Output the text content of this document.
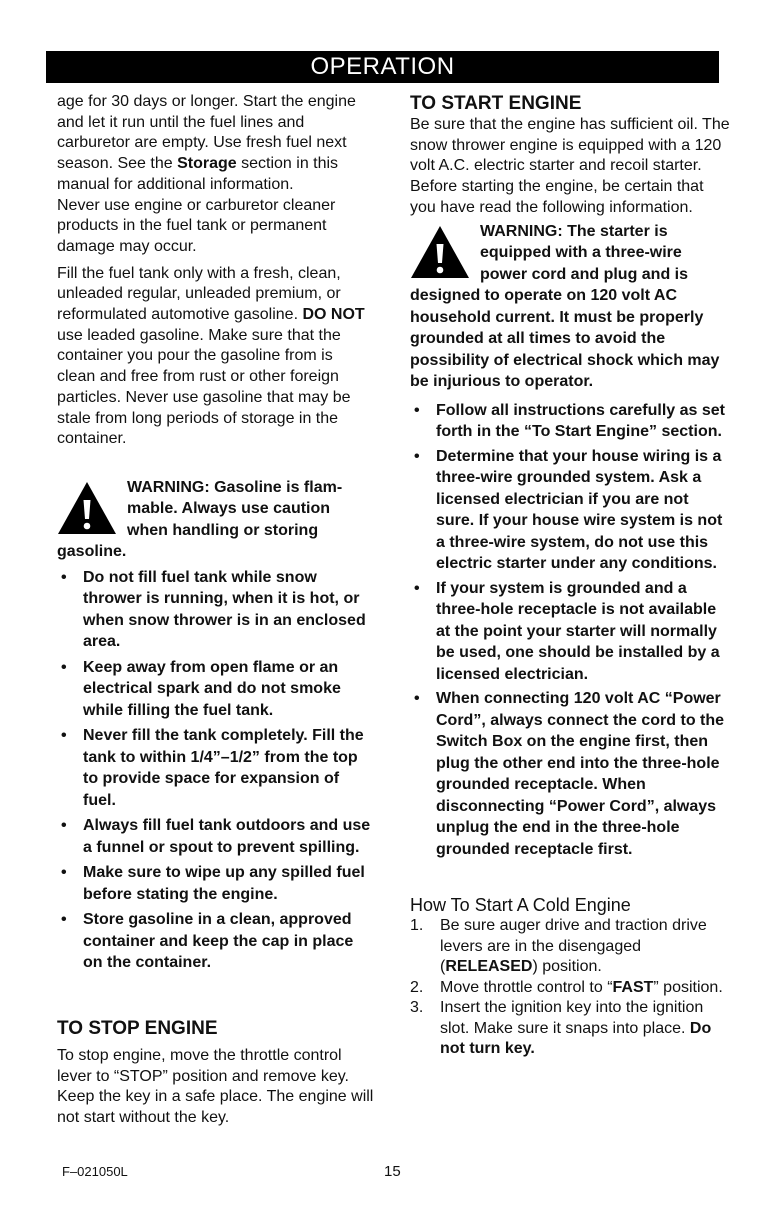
OPERATION

age for 30 days or longer. Start the engine and let it run until the fuel lines and carburetor are empty. Use fresh fuel next season. See the Storage section in this manual for additional information.

Never use engine or carburetor cleaner products in the fuel tank or permanent damage may occur.

Fill the fuel tank only with a fresh, clean, unleaded regular, unleaded premium, or reformulated automotive gasoline. DO NOT use leaded gasoline. Make sure that the container you pour the gasoline from is clean and free from rust or other foreign particles. Never use gasoline that may be stale from long periods of storage in the container.

WARNING: Gasoline is flam-
mable. Always use caution
when handling or storing
gasoline.
• Do not fill fuel tank while snow thrower is running, when it is hot, or when snow thrower is in an enclosed area.
• Keep away from open flame or an electrical spark and do not smoke while filling the fuel tank.
• Never fill the tank completely. Fill the tank to within 1/4”–1/2” from the top to provide space for expansion of fuel.
• Always fill fuel tank outdoors and use a funnel or spout to prevent spilling.
• Make sure to wipe up any spilled fuel before stating the engine.
• Store gasoline in a clean, approved container and keep the cap in place on the container.
TO STOP ENGINE

To stop engine, move the throttle control lever to “STOP” position and remove key. Keep the key in a safe place. The engine will not start without the key.

TO START ENGINE

Be sure that the engine has sufficient oil. The snow thrower engine is equipped with a 120 volt A.C. electric starter and recoil starter. Before starting the engine, be certain that you have read the following information.

WARNING: The starter is
equipped with a three-wire
power cord and plug and is
designed to operate on 120 volt AC household current. It must be properly grounded at all times to avoid the possibility of electrical shock which may be injurious to operator.
• Follow all instructions carefully as set forth in the “To Start Engine” section.
• Determine that your house wiring is a three-wire grounded system. Ask a licensed electrician if you are not sure. If your house wire system is not a three-wire system, do not use this electric starter under any conditions.
• If your system is grounded and a three-hole receptacle is not available at the point your starter will normally be used, one should be installed by a licensed electrician.
• When connecting 120 volt AC “Power Cord”, always connect the cord to the Switch Box on the engine first, then plug the other end into the three-hole grounded receptacle. When disconnecting “Power Cord”, always unplug the end in the three-hole grounded receptacle first.
How To Start A Cold Engine
1. Be sure auger drive and traction drive levers are in the disengaged (RELEASED) position.
2. Move throttle control to “FAST” position.
3. Insert the ignition key into the ignition slot. Make sure it snaps into place. Do not turn key.
F–021050L	15
